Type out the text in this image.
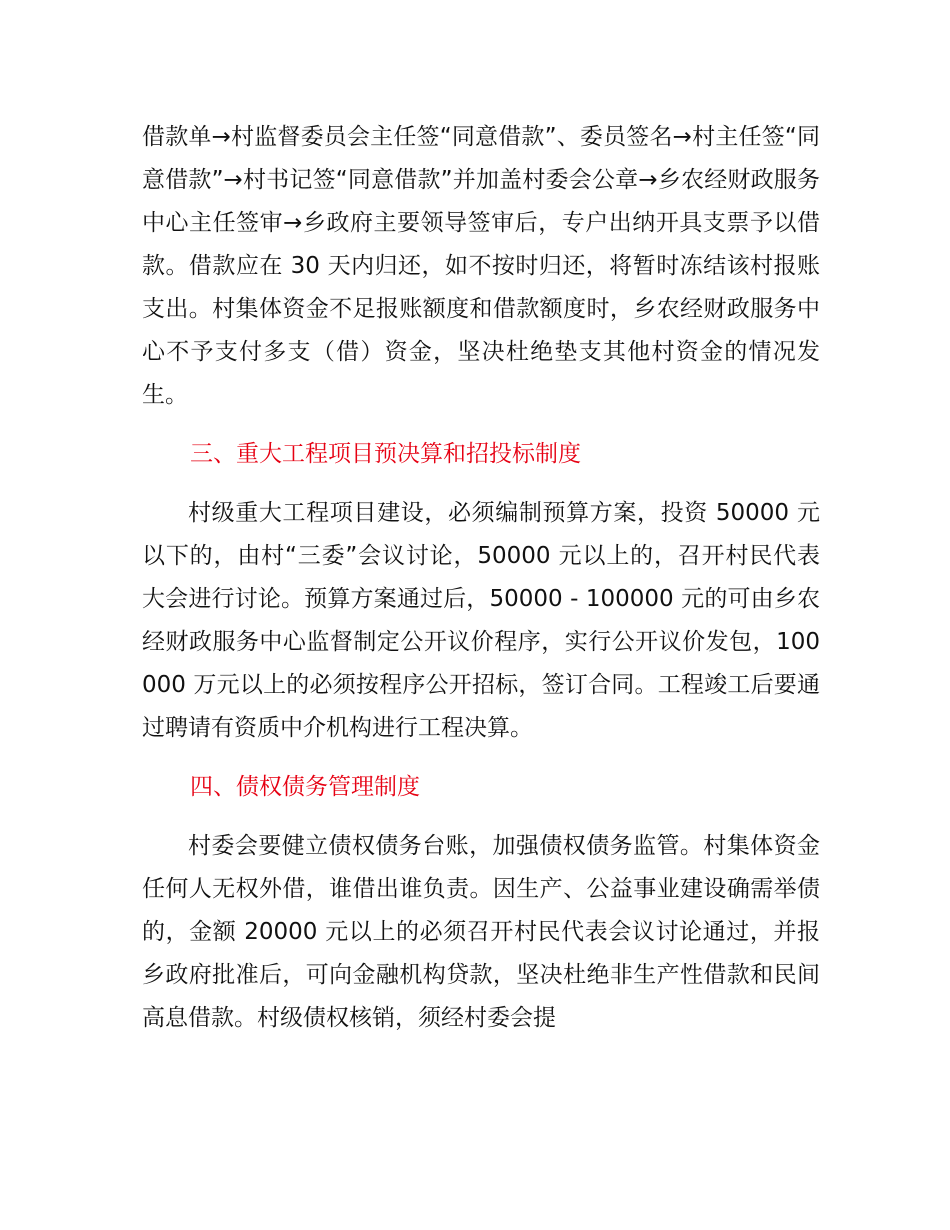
借款单→村监督委员会主任签“同意借款”、委员签名→村主任签“同意借款”→村书记签“同意借款”并加盖村委会公章→乡农经财政服务中心主任签审→乡政府主要领导签审后，专户出纳开具支票予以借款。借款应在 30 天内归还，如不按时归还，将暂时冻结该村报账支出。村集体资金不足报账额度和借款额度时，乡农经财政服务中心不予支付多支（借）资金，坚决杜绝垫支其他村资金的情况发生。

三、重大工程项目预决算和招投标制度

村级重大工程项目建设，必须编制预算方案，投资 50000 元以下的，由村“三委”会议讨论，50000 元以上的，召开村民代表大会进行讨论。预算方案通过后，50000 - 100000 元的可由乡农经财政服务中心监督制定公开议价程序，实行公开议价发包，100000 万元以上的必须按程序公开招标，签订合同。工程竣工后要通过聘请有资质中介机构进行工程决算。

四、债权债务管理制度

村委会要健立债权债务台账，加强债权债务监管。村集体资金任何人无权外借，谁借出谁负责。因生产、公益事业建设确需举债的，金额 20000 元以上的必须召开村民代表会议讨论通过，并报乡政府批准后，可向金融机构贷款，坚决杜绝非生产性借款和民间高息借款。村级债权核销，须经村委会提
